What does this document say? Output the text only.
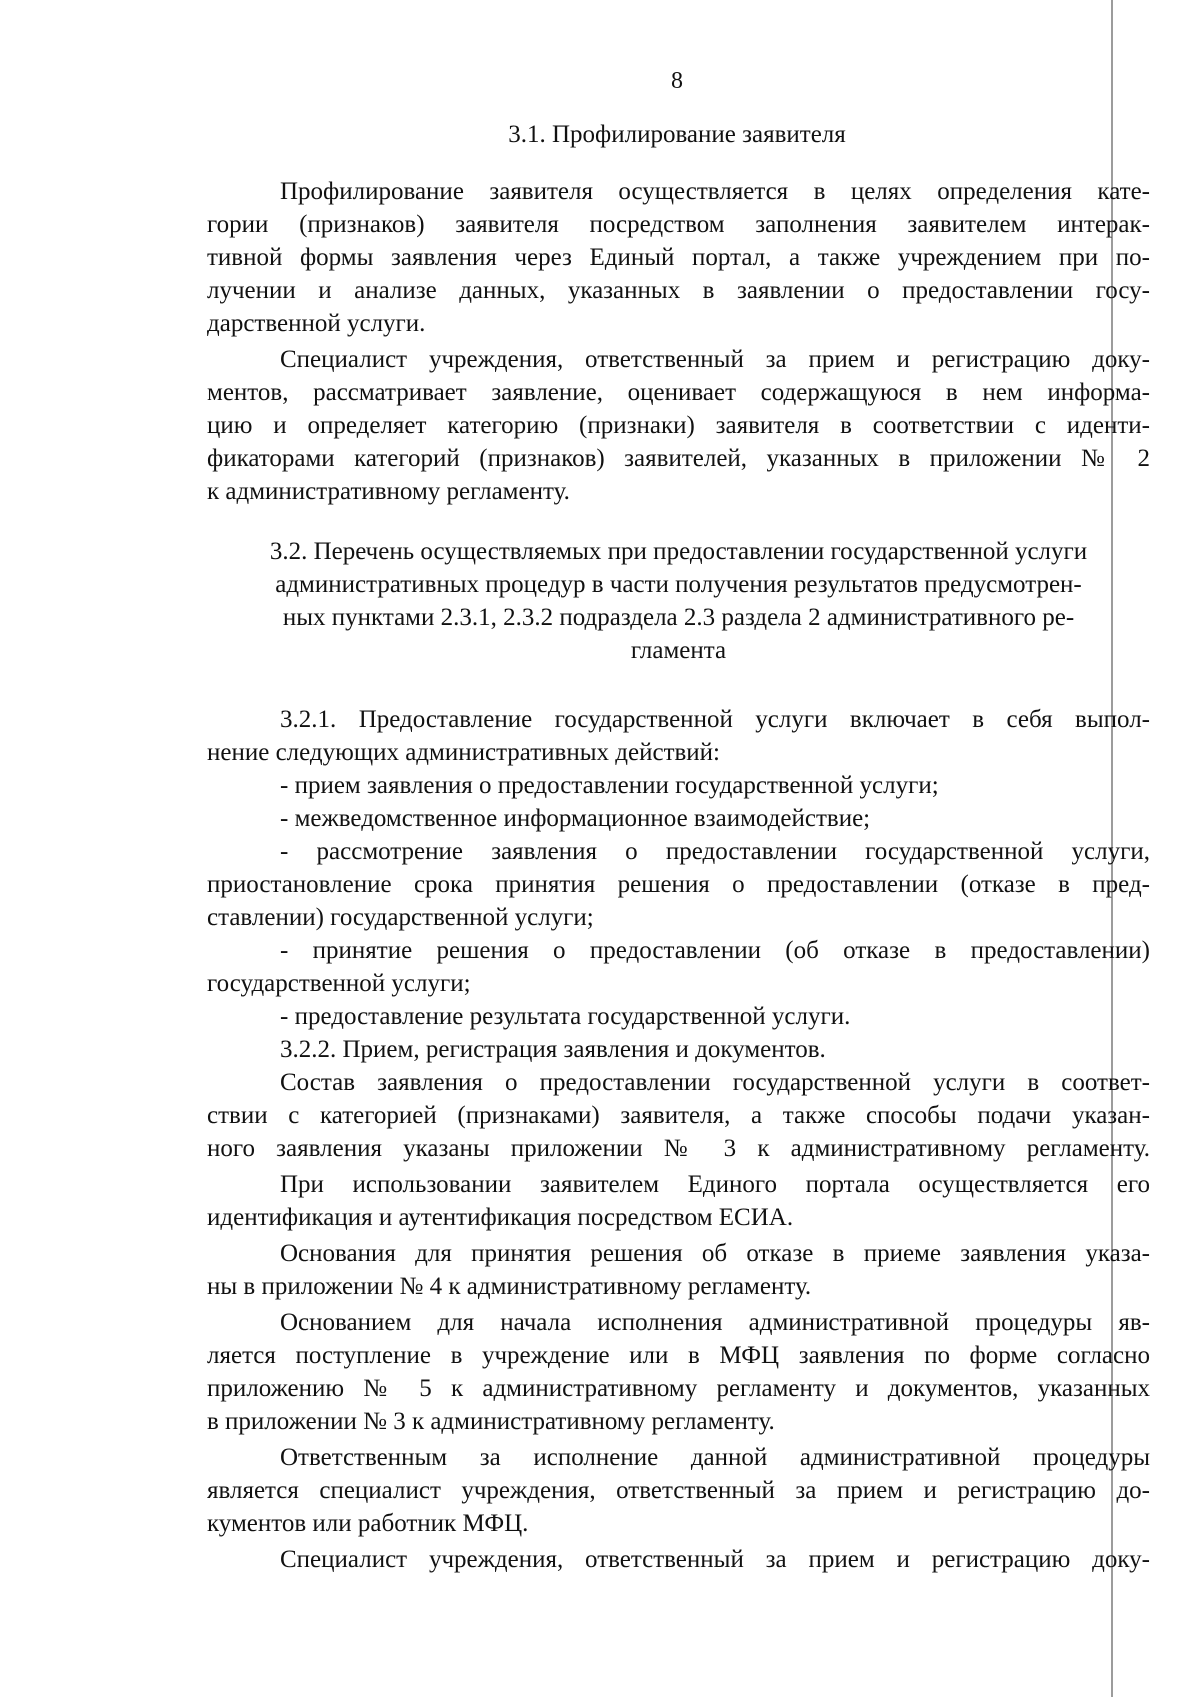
8
3.1. Профилирование заявителя
Профилирование заявителя осуществляется в целях определения кате-
гории (признаков) заявителя посредством заполнения заявителем интерак-
тивной формы заявления через Единый портал, а также учреждением при по-
лучении и анализе данных, указанных в заявлении о предоставлении госу-
дарственной услуги.
Специалист учреждения, ответственный за прием и регистрацию доку-
ментов, рассматривает заявление, оценивает содержащуюся в нем информа-
цию и определяет категорию (признаки) заявителя в соответствии с иденти-
фикаторами категорий (признаков) заявителей, указанных в приложении № 2
к административному регламенту.
3.2. Перечень осуществляемых при предоставлении государственной услуги
административных процедур в части получения результатов предусмотрен-
ных пунктами 2.3.1, 2.3.2 подраздела 2.3 раздела 2 административного ре-
гламента
3.2.1. Предоставление государственной услуги включает в себя выпол-
нение следующих административных действий:
- прием заявления о предоставлении государственной услуги;
- межведомственное информационное взаимодействие;
- рассмотрение заявления о предоставлении государственной услуги,
приостановление срока принятия решения о предоставлении (отказе в пред-
ставлении) государственной услуги;
- принятие решения о предоставлении (об отказе в предоставлении)
государственной услуги;
- предоставление результата государственной услуги.
3.2.2. Прием, регистрация заявления и документов.
Состав заявления о предоставлении государственной услуги в соответ-
ствии с категорией (признаками) заявителя, а также способы подачи указан-
ного заявления указаны приложении № 3 к административному регламенту.
При использовании заявителем Единого портала осуществляется его
идентификация и аутентификация посредством ЕСИА.
Основания для принятия решения об отказе в приеме заявления указа-
ны в приложении № 4 к административному регламенту.
Основанием для начала исполнения административной процедуры яв-
ляется поступление в учреждение или в МФЦ заявления по форме согласно
приложению № 5 к административному регламенту и документов, указанных
в приложении № 3 к административному регламенту.
Ответственным за исполнение данной административной процедуры
является специалист учреждения, ответственный за прием и регистрацию до-
кументов или работник МФЦ.
Специалист учреждения, ответственный за прием и регистрацию доку-
